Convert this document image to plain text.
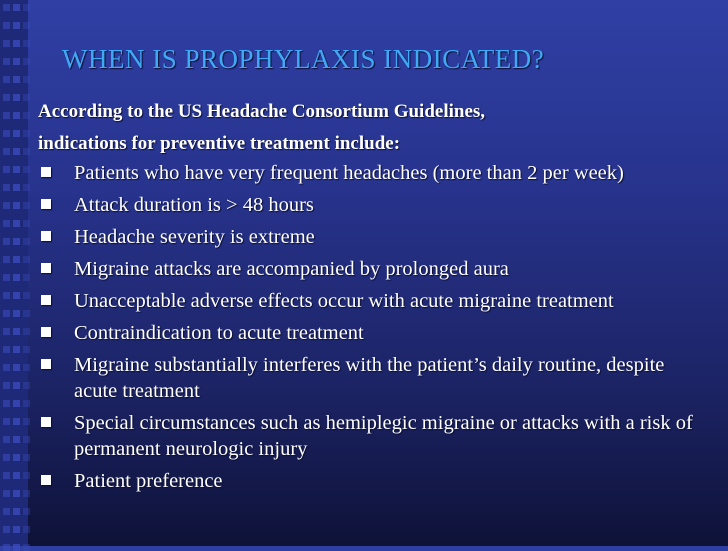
WHEN IS PROPHYLAXIS INDICATED?
According to the US Headache Consortium Guidelines,
indications for preventive treatment include:
Patients who have very frequent headaches (more than 2 per week)
Attack duration is > 48 hours
Headache severity is extreme
Migraine attacks are accompanied by prolonged aura
Unacceptable adverse effects occur with acute migraine treatment
Contraindication to acute treatment
Migraine substantially interferes with the patient’s daily routine, despite acute treatment
Special circumstances such as hemiplegic migraine or attacks with a risk of permanent neurologic injury
Patient preference
